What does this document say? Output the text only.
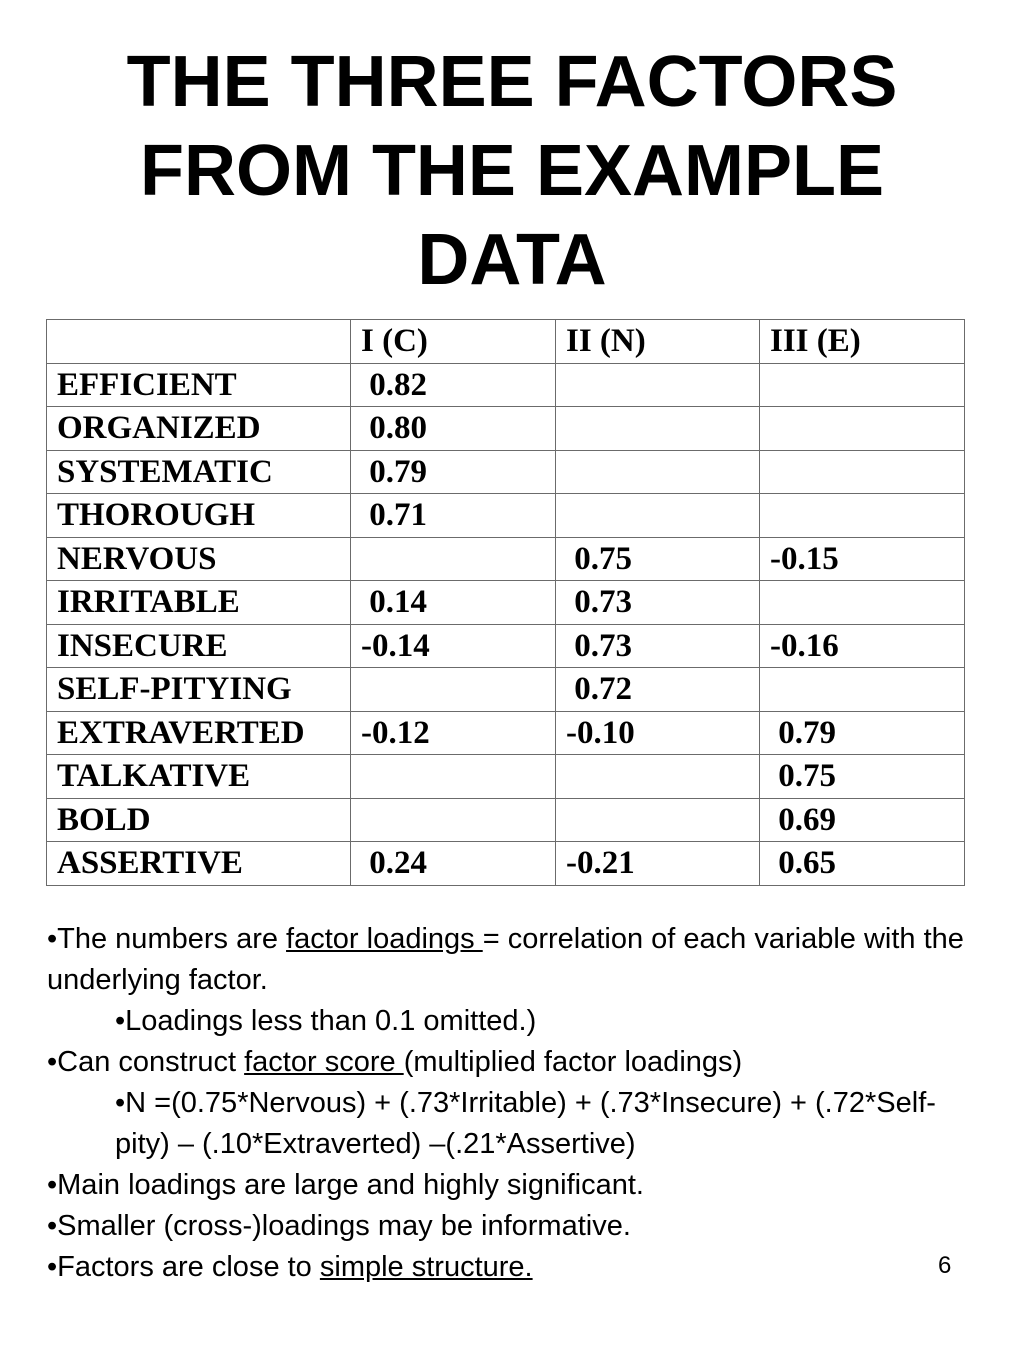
THE THREE FACTORS
FROM THE EXAMPLE
DATA
	I (C)	II (N)	III (E)
EFFICIENT	0.82		
ORGANIZED	0.80		
SYSTEMATIC	0.79		
THOROUGH	0.71		
NERVOUS		0.75	-0.15
IRRITABLE	0.14	0.73	
INSECURE	-0.14	0.73	-0.16
SELF-PITYING		0.72	
EXTRAVERTED	-0.12	-0.10	0.79
TALKATIVE			0.75
BOLD			0.69
ASSERTIVE	0.24	-0.21	0.65

•The numbers are factor loadings = correlation of each variable with the underlying factor.

•Loadings less than 0.1 omitted.)

•Can construct factor score (multiplied factor loadings)

•N =(0.75*Nervous) + (.73*Irritable) + (.73*Insecure) + (.72*Self-pity) – (.10*Extraverted) –(.21*Assertive)

•Main loadings are large and highly significant.

•Smaller (cross-)loadings may be informative.

•Factors are close to simple structure.	6
